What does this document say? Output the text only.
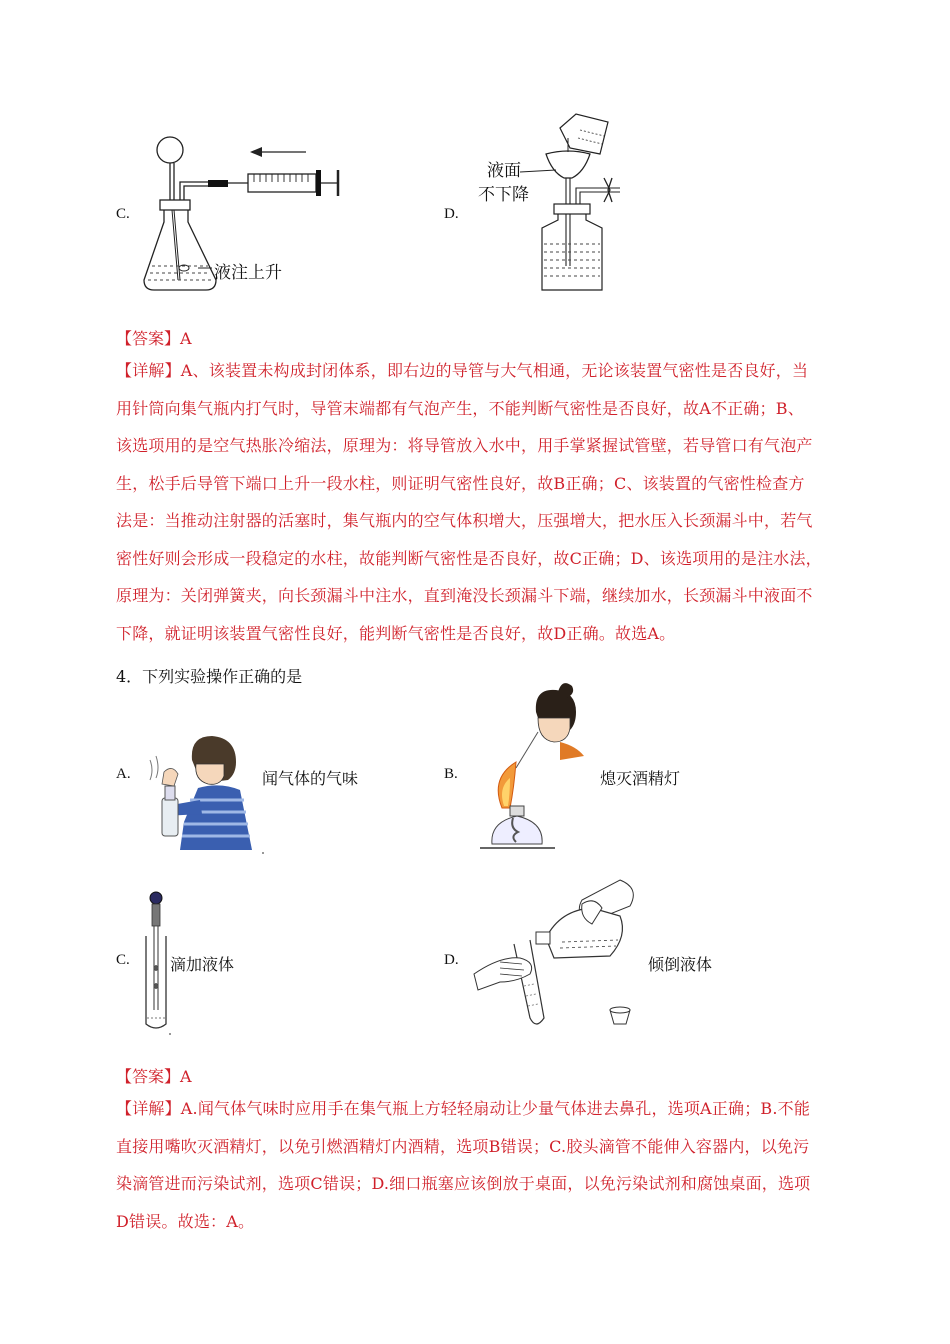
C.
液注上升
D.
液面
不下降
【答案】A
【详解】A、该装置未构成封闭体系，即右边的导管与大气相通，无论该装置气密性是否良好，当
用针筒向集气瓶内打气时，导管末端都有气泡产生，不能判断气密性是否良好，故A不正确；B、
该选项用的是空气热胀冷缩法，原理为：将导管放入水中，用手掌紧握试管壁，若导管口有气泡产
生，松手后导管下端口上升一段水柱，则证明气密性良好，故B正确；C、该装置的气密性检查方
法是：当推动注射器的活塞时，集气瓶内的空气体积增大，压强增大，把水压入长颈漏斗中，若气
密性好则会形成一段稳定的水柱，故能判断气密性是否良好，故C正确；D、该选项用的是注水法，
原理为：关闭弹簧夹，向长颈漏斗中注水，直到淹没长颈漏斗下端，继续加水，长颈漏斗中液面不
下降，就证明该装置气密性良好，能判断气密性是否良好，故D正确。故选A。
4．下列实验操作正确的是
A.	闻气体的气味	B.	熄灭酒精灯
C.	滴加液体	D.	倾倒液体
【答案】A
【详解】A.闻气体气味时应用手在集气瓶上方轻轻扇动让少量气体进去鼻孔，选项A正确；B.不能
直接用嘴吹灭酒精灯，以免引燃酒精灯内酒精，选项B错误；C.胶头滴管不能伸入容器内，以免污
染滴管进而污染试剂，选项C错误；D.细口瓶塞应该倒放于桌面，以免污染试剂和腐蚀桌面，选项
D错误。故选：A。
